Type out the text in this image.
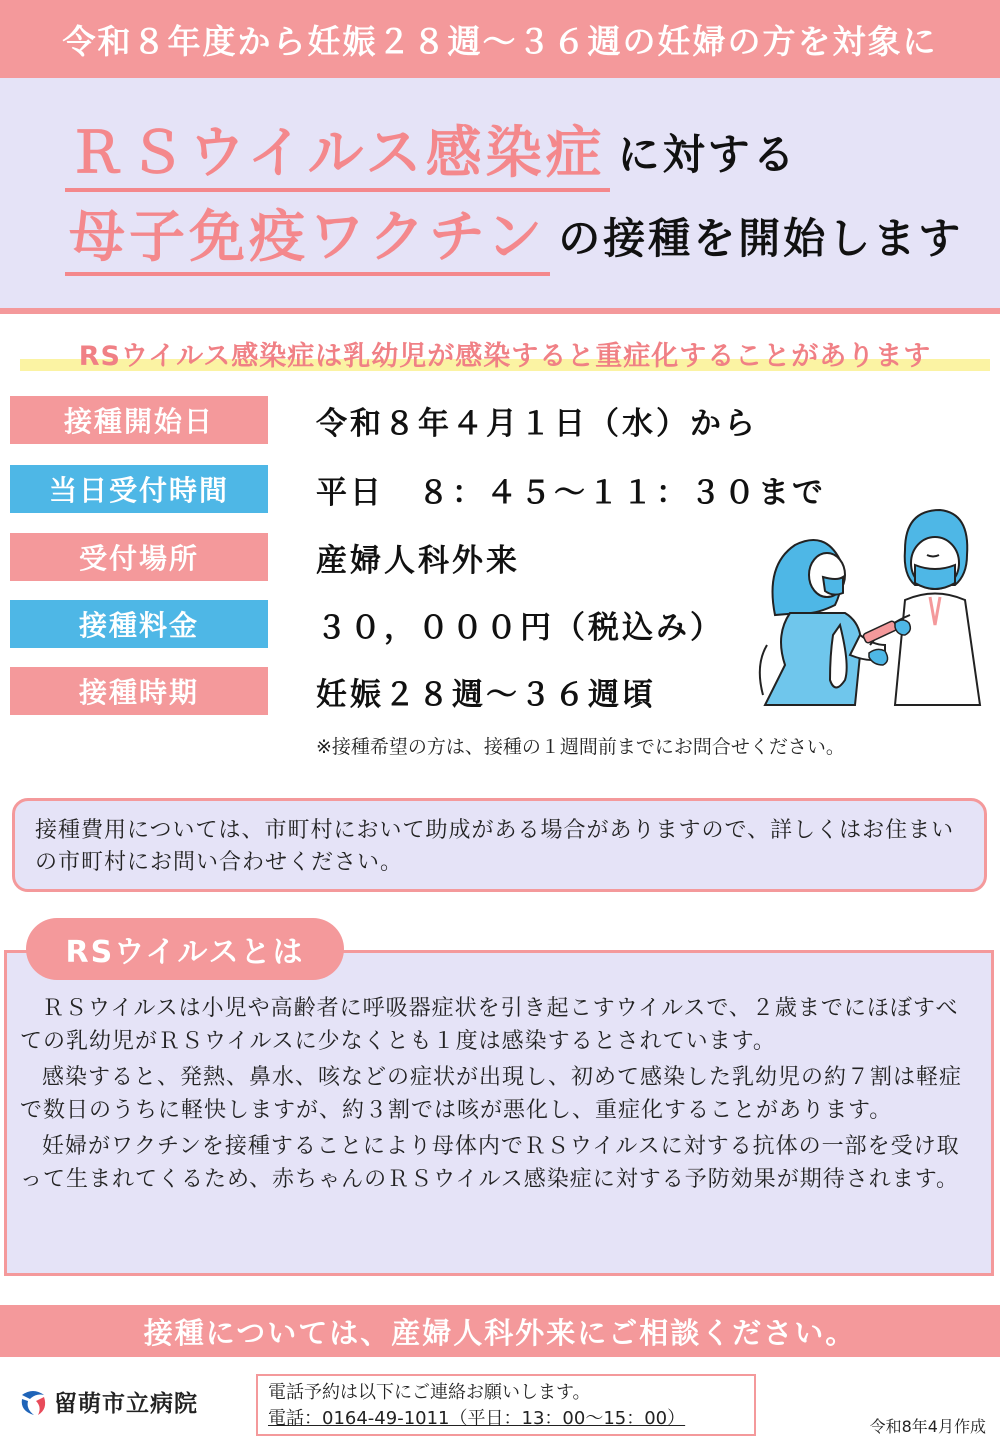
令和８年度から妊娠２８週～３６週の妊婦の方を対象に
ＲＳウイルス感染症 に対する
母子免疫ワクチン の接種を開始します
RSウイルス感染症は乳幼児が感染すると重症化することがあります
接種開始日	令和８年４月１日（水）から
当日受付時間	平日　８：４５～１１：３０まで
受付場所	産婦人科外来
接種料金	３０，０００円（税込み）
接種時期	妊娠２８週～３６週頃
※接種希望の方は、接種の１週間前までにお問合せください。
接種費用については、市町村において助成がある場合がありますので、詳しくはお住まいの市町村にお問い合わせください。
RSウイルスとは

ＲＳウイルスは小児や高齢者に呼吸器症状を引き起こすウイルスで、２歳までにほぼすべての乳幼児がＲＳウイルスに少なくとも１度は感染するとされています。

感染すると、発熱、鼻水、咳などの症状が出現し、初めて感染した乳幼児の約７割は軽症で数日のうちに軽快しますが、約３割では咳が悪化し、重症化することがあります。

妊婦がワクチンを接種することにより母体内でＲＳウイルスに対する抗体の一部を受け取って生まれてくるため、赤ちゃんのＲＳウイルス感染症に対する予防効果が期待されます。

接種については、産婦人科外来にご相談ください。
留萌市立病院	電話予約は以下にご連絡お願いします。
電話：0164-49-1011（平日：13：00～15：00）	令和8年4月作成
